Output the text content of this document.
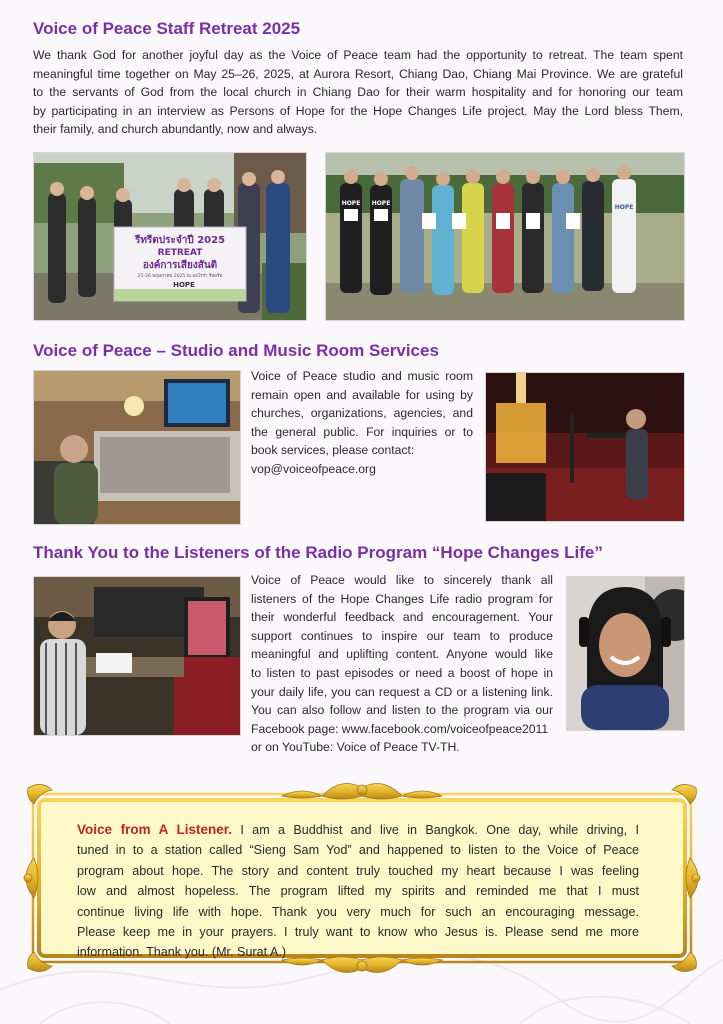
Voice of Peace Staff Retreat 2025

We thank God for another joyful day as the Voice of Peace team had the opportunity to retreat. The team spent
meaningful time together on May 25–26, 2025, at Aurora Resort, Chiang Dao, Chiang Mai Province. We are grateful
to the servants of God from the local church in Chiang Dao for their warm hospitality and for honoring our team
by participating in an interview as Persons of Hope for the Hope Changes Life project. May the Lord bless Them,
their family, and church abundantly, now and always.

รีทรีตประจำปี 2025
RETREAT
องค์การเสียงสันติ
25-26 พฤษภาคม 2025 ณ ออโรร่า รีสอร์ท
HOPE
HOPE HOPE
HOPE
Voice of Peace – Studio and Music Room Services

Voice of Peace studio and music room
remain open and available for using by
churches, organizations, agencies, and
the general public. For inquiries or to
book services, please contact:
vop@voiceofpeace.org

Thank You to the Listeners of the Radio Program “Hope Changes Life”

Voice of Peace would like to sincerely thank all
listeners of the Hope Changes Life radio program for
their wonderful feedback and encouragement. Your
support continues to inspire our team to produce
meaningful and uplifting content. Anyone would like
to listen to past episodes or need a boost of hope in
your daily life, you can request a CD or a listening link.
You can also follow and listen to the program via our
Facebook page: www.facebook.com/voiceofpeace2011
or on YouTube: Voice of Peace TV-TH.

Voice from A Listener. I am a Buddhist and live in Bangkok. One day, while driving, I
tuned in to a station called “Sieng Sam Yod” and happened to listen to the Voice of Peace
program about hope. The story and content truly touched my heart because I was feeling
low and almost hopeless. The program lifted my spirits and reminded me that I must
continue living life with hope. Thank you very much for such an encouraging message.
Please keep me in your prayers. I truly want to know who Jesus is. Please send me more
information. Thank you. (Mr. Surat A.)
